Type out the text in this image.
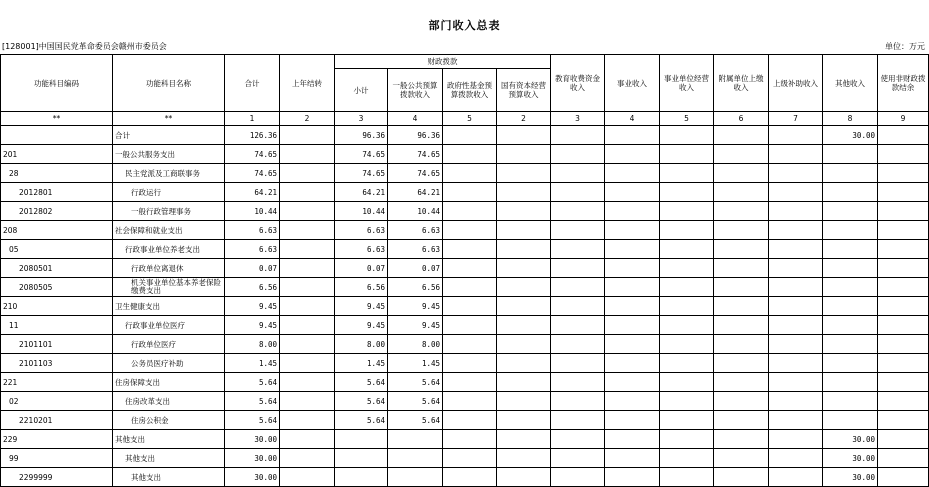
部门收入总表
[128001]中国国民党革命委员会赣州市委员会	单位：万元
功能科目编码	功能科目名称	合计	上年结转	财政拨款				教育收费资金收入	事业收入	事业单位经营收入	附属单位上缴收入	上级补助收入	其他收入	使用非财政拨款结余
				小计	一般公共预算拨款收入	政府性基金预算拨款收入	国有资本经营预算收入							
**	**	1	2	3	4	5	2	3	4	5	6	7	8	9
	合计	126.36		96.36	96.36								30.00	
201	一般公共服务支出	74.65		74.65	74.65									
28	民主党派及工商联事务	74.65		74.65	74.65									
2012801	行政运行	64.21		64.21	64.21									
2012802	一般行政管理事务	10.44		10.44	10.44									
208	社会保障和就业支出	6.63		6.63	6.63									
05	行政事业单位养老支出	6.63		6.63	6.63									
2080501	行政单位离退休	0.07		0.07	0.07									
2080505	机关事业单位基本养老保险缴费支出	6.56		6.56	6.56									
210	卫生健康支出	9.45		9.45	9.45									
11	行政事业单位医疗	9.45		9.45	9.45									
2101101	行政单位医疗	8.00		8.00	8.00									
2101103	公务员医疗补助	1.45		1.45	1.45									
221	住房保障支出	5.64		5.64	5.64									
02	住房改革支出	5.64		5.64	5.64									
2210201	住房公积金	5.64		5.64	5.64									
229	其他支出	30.00											30.00	
99	其他支出	30.00											30.00	
2299999	其他支出	30.00											30.00	
